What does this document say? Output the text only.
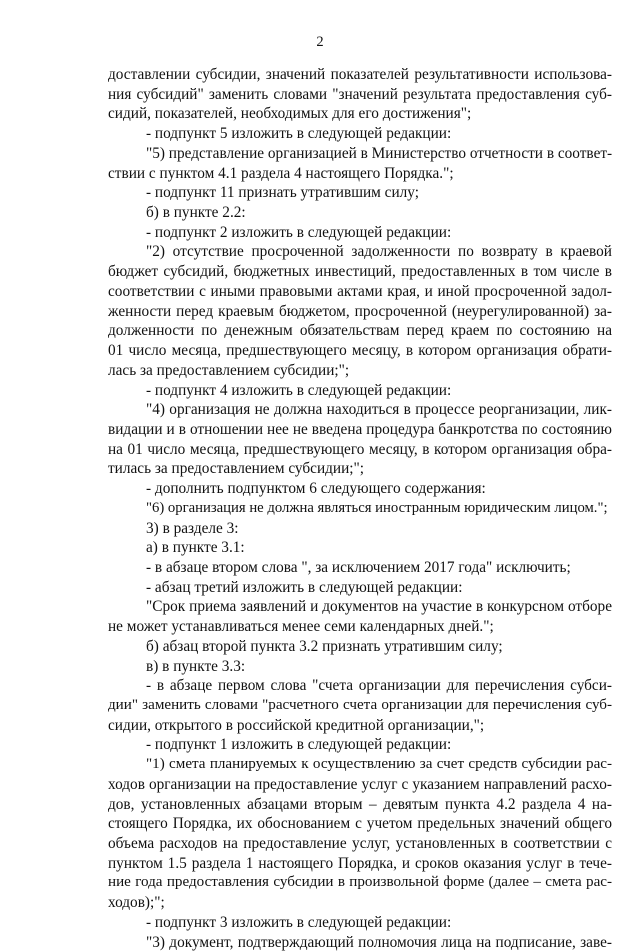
2
доставлении субсидии, значений показателей результативности использова-
ния субсидий" заменить словами "значений результата предоставления суб-
сидий, показателей, необходимых для его достижения";
- подпункт 5 изложить в следующей редакции:
"5) представление организацией в Министерство отчетности в соответ-
ствии с пунктом 4.1 раздела 4 настоящего Порядка.";
- подпункт 11 признать утратившим силу;
б) в пункте 2.2:
- подпункт 2 изложить в следующей редакции:
"2) отсутствие просроченной задолженности по возврату в краевой
бюджет субсидий, бюджетных инвестиций, предоставленных в том числе в
соответствии с иными правовыми актами края, и иной просроченной задол-
женности перед краевым бюджетом, просроченной (неурегулированной) за-
долженности по денежным обязательствам перед краем по состоянию на
01 число месяца, предшествующего месяцу, в котором организация обрати-
лась за предоставлением субсидии;";
- подпункт 4 изложить в следующей редакции:
"4) организация не должна находиться в процессе реорганизации, лик-
видации и в отношении нее не введена процедура банкротства по состоянию
на 01 число месяца, предшествующего месяцу, в котором организация обра-
тилась за предоставлением субсидии;";
- дополнить подпунктом 6 следующего содержания:
"6) организация не должна являться иностранным юридическим лицом.";
3) в разделе 3:
а) в пункте 3.1:
- в абзаце втором слова ", за исключением 2017 года" исключить;
- абзац третий изложить в следующей редакции:
"Срок приема заявлений и документов на участие в конкурсном отборе
не может устанавливаться менее семи календарных дней.";
б) абзац второй пункта 3.2 признать утратившим силу;
в) в пункте 3.3:
- в абзаце первом слова "счета организации для перечисления субси-
дии" заменить словами "расчетного счета организации для перечисления суб-
сидии, открытого в российской кредитной организации,";
- подпункт 1 изложить в следующей редакции:
"1) смета планируемых к осуществлению за счет средств субсидии рас-
ходов организации на предоставление услуг с указанием направлений расхо-
дов, установленных абзацами вторым – девятым пункта 4.2 раздела 4 на-
стоящего Порядка, их обоснованием с учетом предельных значений общего
объема расходов на предоставление услуг, установленных в соответствии с
пунктом 1.5 раздела 1 настоящего Порядка, и сроков оказания услуг в тече-
ние года предоставления субсидии в произвольной форме (далее – смета рас-
ходов);";
- подпункт 3 изложить в следующей редакции:
"3) документ, подтверждающий полномочия лица на подписание, заве-
